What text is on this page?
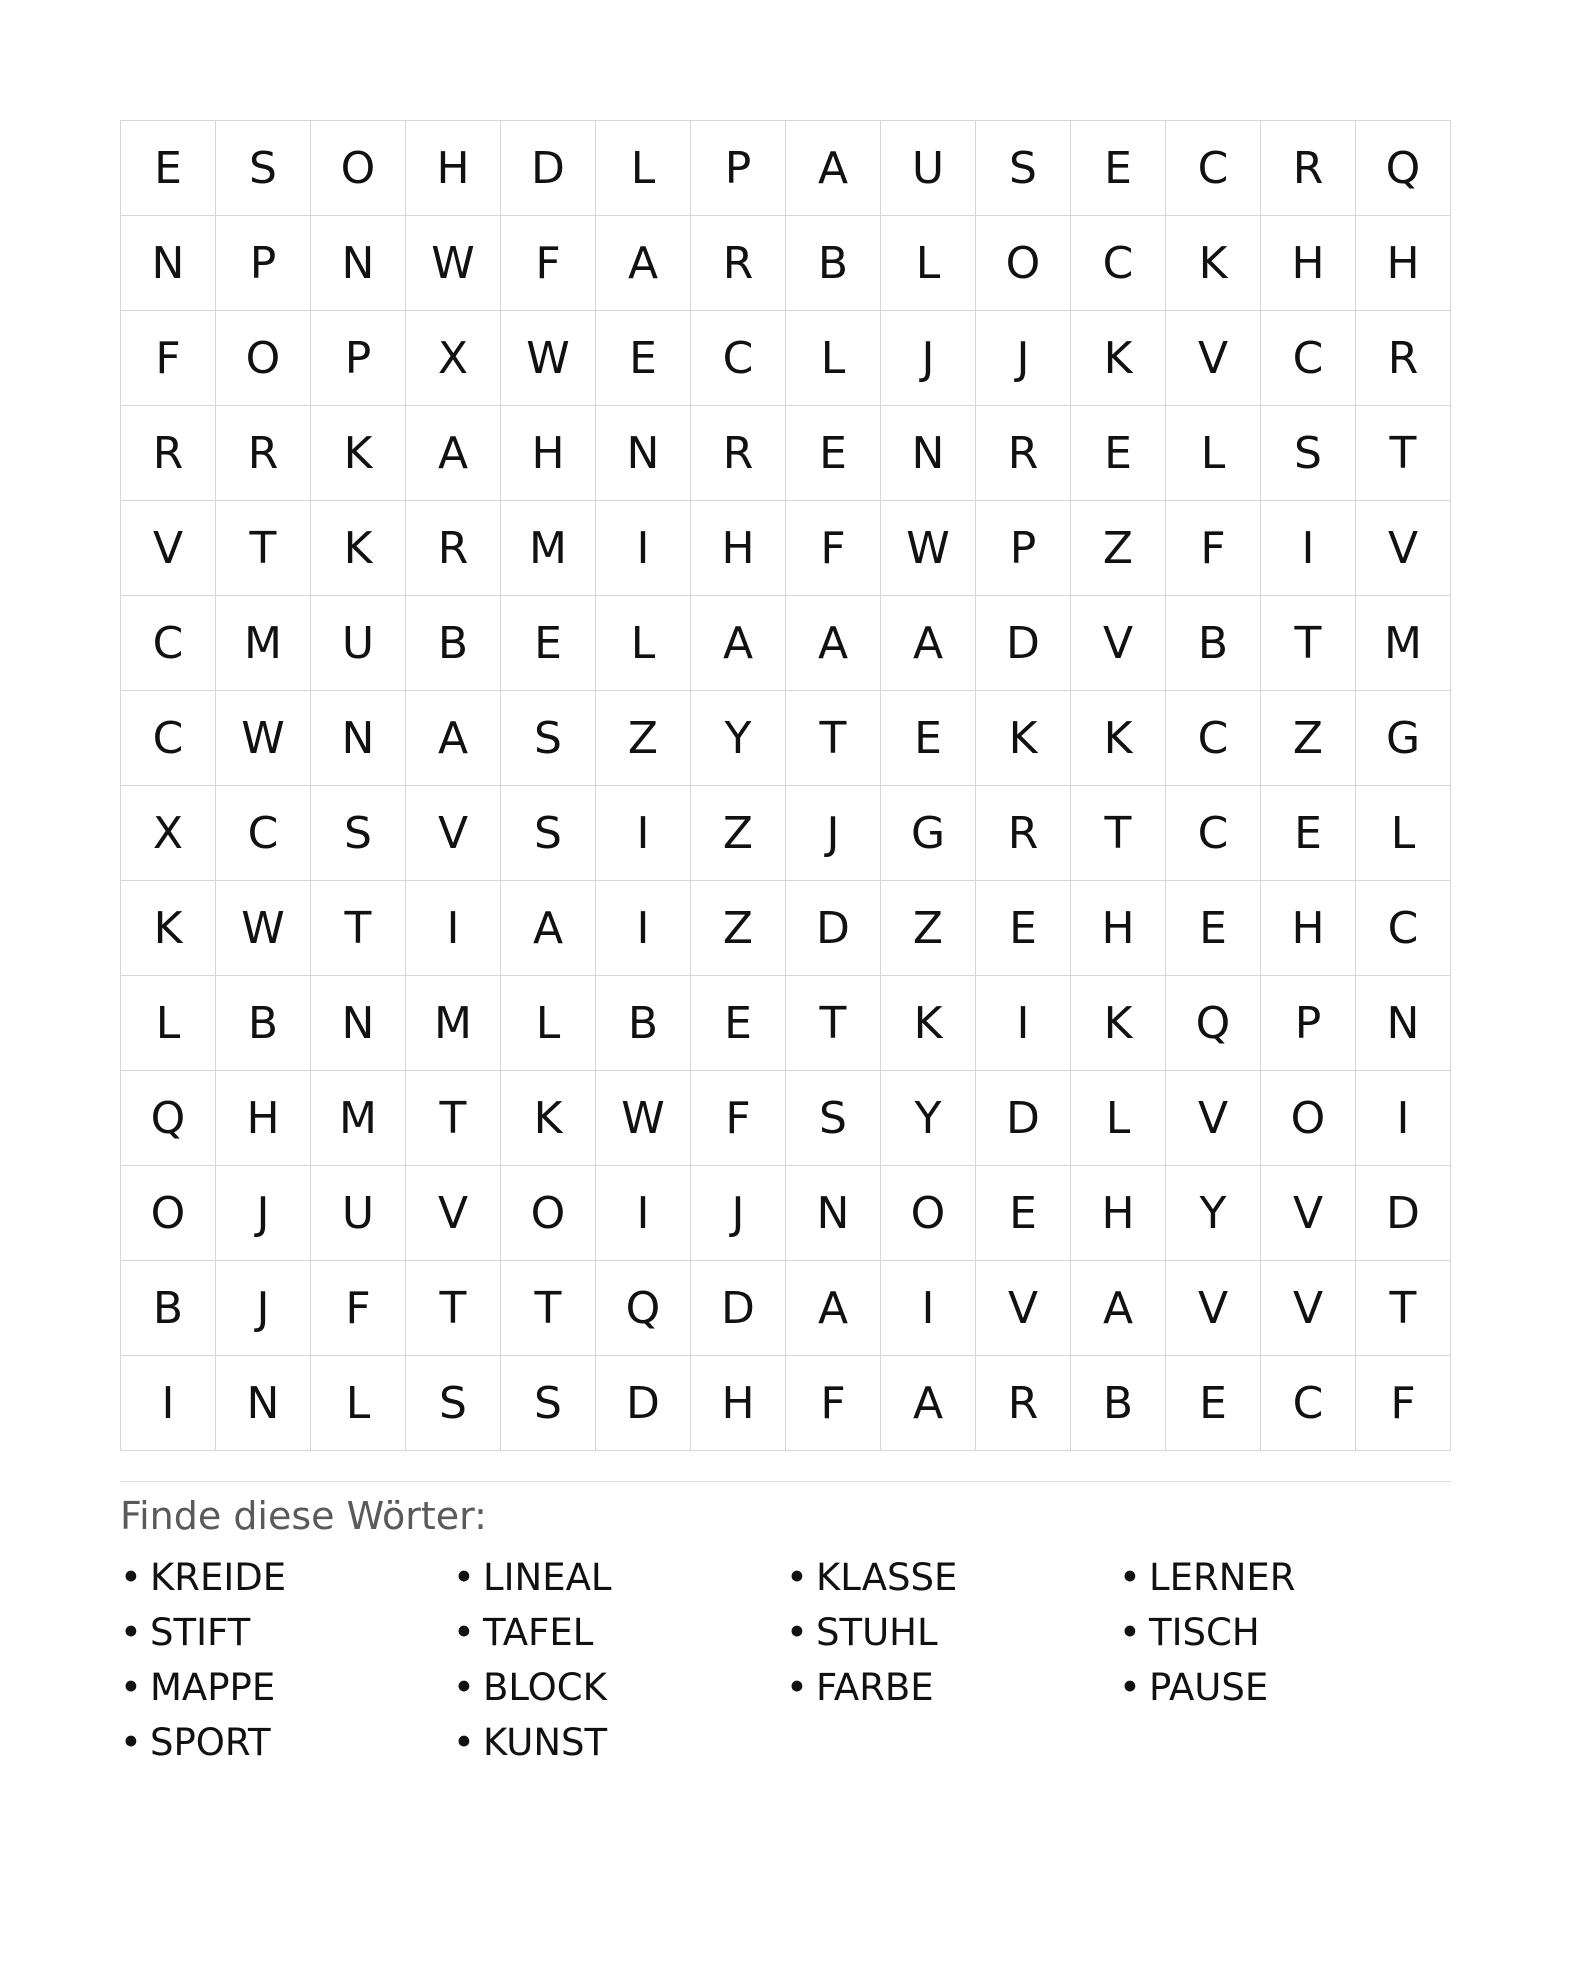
E	S	O	H	D	L	P	A	U	S	E	C	R	Q
N	P	N	W	F	A	R	B	L	O	C	K	H	H
F	O	P	X	W	E	C	L	J	J	K	V	C	R
R	R	K	A	H	N	R	E	N	R	E	L	S	T
V	T	K	R	M	I	H	F	W	P	Z	F	I	V
C	M	U	B	E	L	A	A	A	D	V	B	T	M
C	W	N	A	S	Z	Y	T	E	K	K	C	Z	G
X	C	S	V	S	I	Z	J	G	R	T	C	E	L
K	W	T	I	A	I	Z	D	Z	E	H	E	H	C
L	B	N	M	L	B	E	T	K	I	K	Q	P	N
Q	H	M	T	K	W	F	S	Y	D	L	V	O	I
O	J	U	V	O	I	J	N	O	E	H	Y	V	D
B	J	F	T	T	Q	D	A	I	V	A	V	V	T
I	N	L	S	S	D	H	F	A	R	B	E	C	F
Finde diese Wörter:
• KREIDE	• LINEAL	• KLASSE	• LERNER
• STIFT	• TAFEL	• STUHL	• TISCH
• MAPPE	• BLOCK	• FARBE	• PAUSE
• SPORT	• KUNST
